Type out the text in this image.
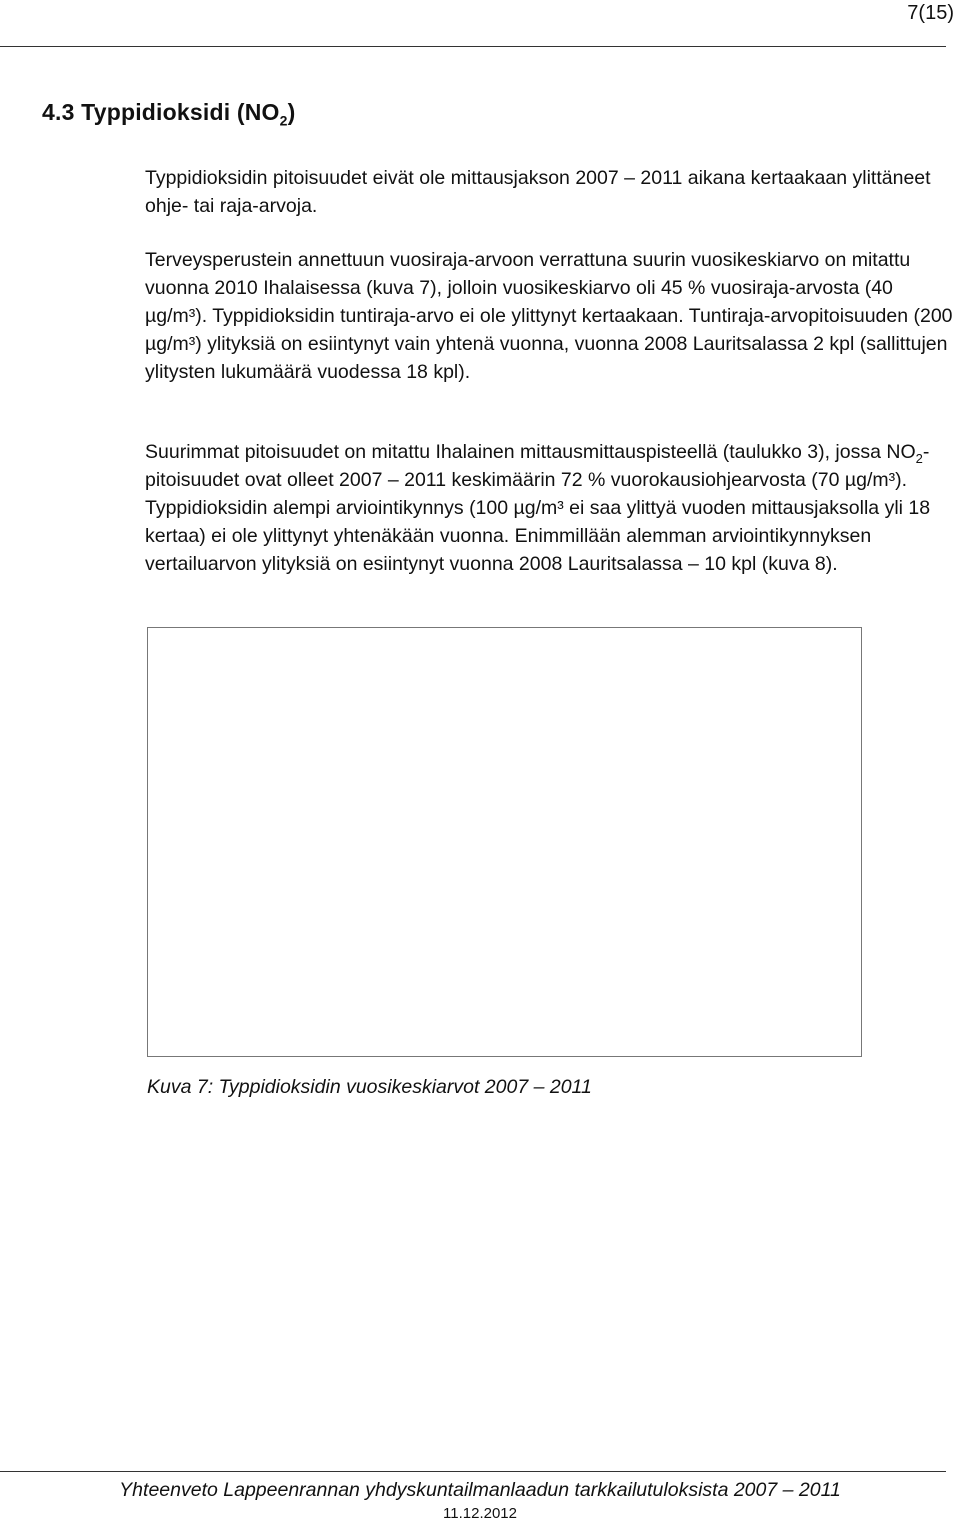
7(15)
4.3 Typpidioksidi $(NO_2)$

Typpidioksidin pitoisuudet eivät ole mittausjakson 2007 – 2011 aikana kertaakaan ylittäneet ohje- tai raja-arvoja.

Terveysperustein annettuun vuosiraja-arvoon verrattuna suurin vuosikeskiarvo on mitattu vuonna 2010 Ihalaisessa (kuva 7), jolloin vuosikeskiarvo oli 45 % vuosiraja-arvosta (40 µg/m³). Typpidioksidin tuntiraja-arvo ei ole ylittynyt kertaakaan. Tuntiraja-arvopitoisuuden (200 µg/m³) ylityksiä on esiintynyt vain yhtenä vuonna, vuonna 2008 Lauritsalassa 2 kpl (sallittujen ylitysten lukumäärä vuodessa 18 kpl).

Suurimmat pitoisuudet on mitattu Ihalainen mittausmittauspisteellä (taulukko 3), jossa $NO_2$-pitoisuudet ovat olleet 2007 – 2011 keskimäärin 72 % vuorokausiohjearvosta (70 µg/m³). Typpidioksidin alempi arviointikynnys (100 µg/m³ ei saa ylittyä vuoden mittausjaksolla yli 18 kertaa) ei ole ylittynyt yhtenäkään vuonna. Enimmillään alemman arviointikynnyksen vertailuarvon ylityksiä on esiintynyt vuonna 2008 Lauritsalassa – 10 kpl (kuva 8).

Kuva 7: Typpidioksidin vuosikeskiarvot 2007 – 2011

Yhteenveto Lappeenrannan yhdyskuntailmanlaadun tarkkailutuloksista 2007 – 2011
11.12.2012
